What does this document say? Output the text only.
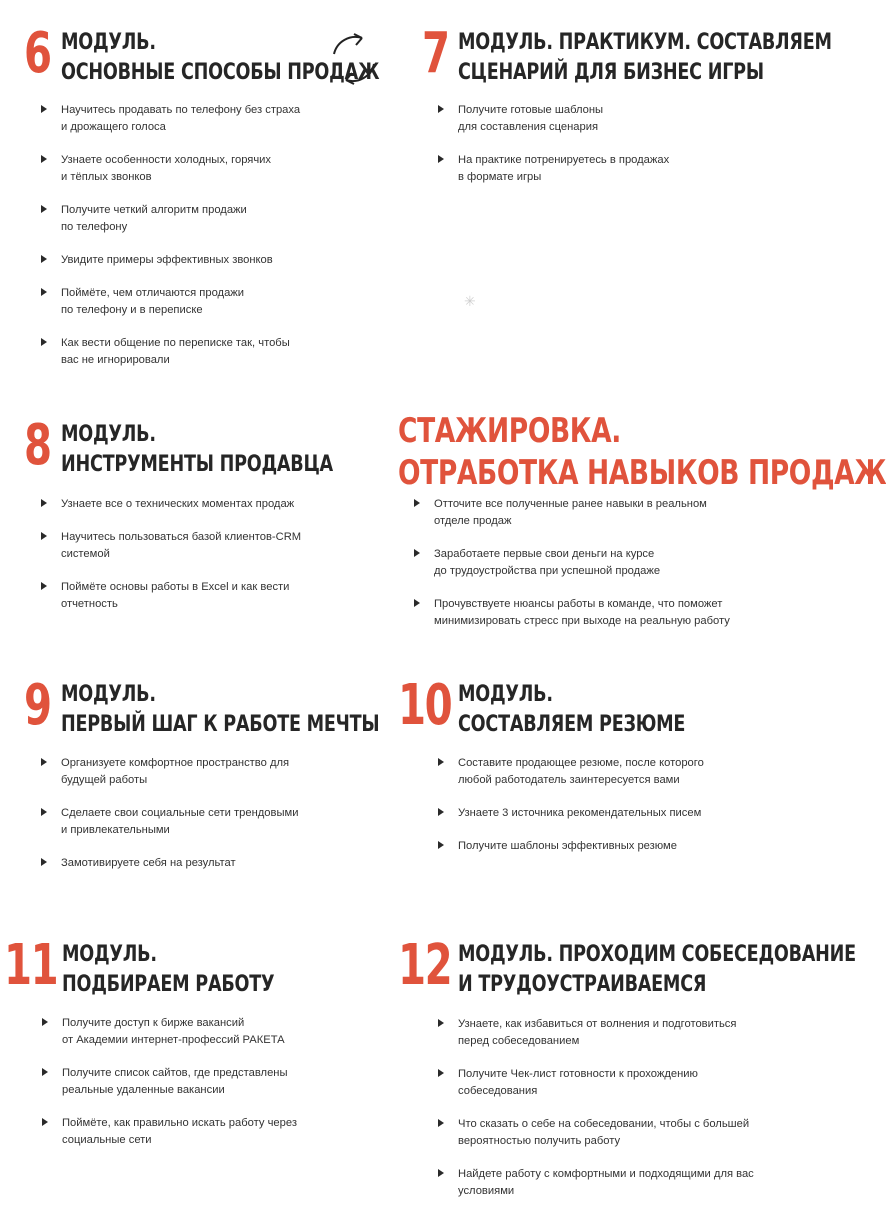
6 МОДУЛЬ.
ОСНОВНЫЕ СПОСОБЫ ПРОДАЖ
Научитесь продавать по телефону без страха
и дрожащего голоса
Узнаете особенности холодных, горячих
и тёплых звонков
Получите четкий алгоритм продажи
по телефону
Увидите примеры эффективных звонков
Поймёте, чем отличаются продажи
по телефону и в переписке
Как вести общение по переписке так, чтобы
вас не игнорировали
7 МОДУЛЬ. ПРАКТИКУМ. СОСТАВЛЯЕМ
СЦЕНАРИЙ ДЛЯ БИЗНЕС ИГРЫ
Получите готовые шаблоны
для составления сценария
На практике потренируетесь в продажах
в формате игры
✳
8 МОДУЛЬ.
ИНСТРУМЕНТЫ ПРОДАВЦА
Узнаете все о технических моментах продаж
Научитесь пользоваться базой клиентов-CRM
системой
Поймёте основы работы в Excel и как вести
отчетность
СТАЖИРОВКА.
ОТРАБОТКА НАВЫКОВ ПРОДАЖ
Отточите все полученные ранее навыки в реальном
отделе продаж
Заработаете первые свои деньги на курсе
до трудоустройства при успешной продаже
Прочувствуете нюансы работы в команде, что поможет
минимизировать стресс при выходе на реальную работу
9 МОДУЛЬ.
ПЕРВЫЙ ШАГ К РАБОТЕ МЕЧТЫ
Организуете комфортное пространство для
будущей работы
Сделаете свои социальные сети трендовыми
и привлекательными
Замотивируете себя на результат
10 МОДУЛЬ.
СОСТАВЛЯЕМ РЕЗЮМЕ
Составите продающее резюме, после которого
любой работодатель заинтересуется вами
Узнаете 3 источника рекомендательных писем
Получите шаблоны эффективных резюме
11 МОДУЛЬ.
ПОДБИРАЕМ РАБОТУ
Получите доступ к бирже вакансий
от Академии интернет-профессий РАКЕТА
Получите список сайтов, где представлены
реальные удаленные вакансии
Поймёте, как правильно искать работу через
социальные сети
12 МОДУЛЬ. ПРОХОДИМ СОБЕСЕДОВАНИЕ
И ТРУДОУСТРАИВАЕМСЯ
Узнаете, как избавиться от волнения и подготовиться
перед собеседованием
Получите Чек-лист готовности к прохождению
собеседования
Что сказать о себе на собеседовании, чтобы с большей
вероятностью получить работу
Найдете работу с комфортными и подходящими для вас
условиями
